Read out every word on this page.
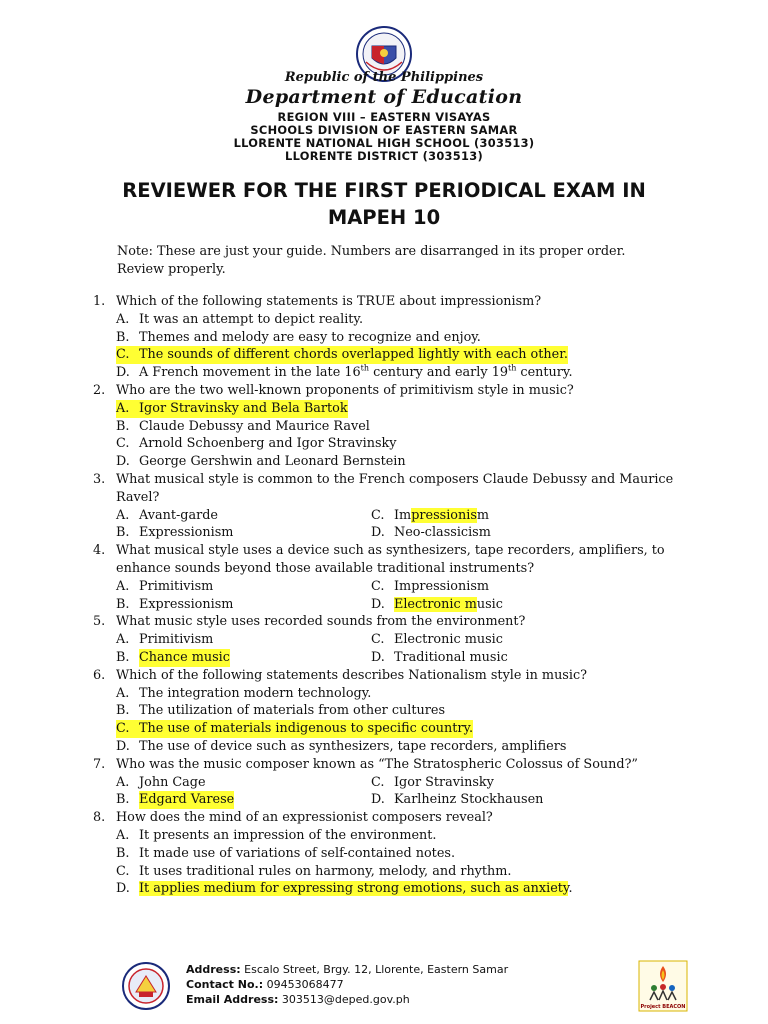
Republic of the Philippines
Department of Education
REGION VIII – EASTERN VISAYAS
SCHOOLS DIVISION OF EASTERN SAMAR
LLORENTE NATIONAL HIGH SCHOOL (303513)
LLORENTE DISTRICT (303513)
REVIEWER FOR THE FIRST PERIODICAL EXAM IN
MAPEH 10
Note: These are just your guide. Numbers are disarranged in its proper order. Review properly.
1. Which of the following statements is TRUE about impressionism?
A. It was an attempt to depict reality.
B. Themes and melody are easy to recognize and enjoy.
C. The sounds of different chords overlapped lightly with each other.
D. A French movement in the late 16th century and early 19th century.
2. Who are the two well-known proponents of primitivism style in music?
A. Igor Stravinsky and Bela Bartok
B. Claude Debussy and Maurice Ravel
C. Arnold Schoenberg and Igor Stravinsky
D. George Gershwin and Leonard Bernstein
3. What musical style is common to the French composers Claude Debussy and Maurice Ravel?
A. Avant-garde	C. Impressionism
B. Expressionism	D. Neo-classicism
4. What musical style uses a device such as synthesizers, tape recorders, amplifiers, to enhance sounds beyond those available traditional instruments?
A. Primitivism	C. Impressionism
B. Expressionism	D. Electronic music
5. What music style uses recorded sounds from the environment?
A. Primitivism	C. Electronic music
B. Chance music	D. Traditional music
6. Which of the following statements describes Nationalism style in music?
A. The integration modern technology.
B. The utilization of materials from other cultures
C. The use of materials indigenous to specific country.
D. The use of device such as synthesizers, tape recorders, amplifiers
7. Who was the music composer known as “The Stratospheric Colossus of Sound?”
A. John Cage	C. Igor Stravinsky
B. Edgard Varese	D. Karlheinz Stockhausen
8. How does the mind of an expressionist composers reveal?
A. It presents an impression of the environment.
B. It made use of variations of self-contained notes.
C. It uses traditional rules on harmony, melody, and rhythm.
D. It applies medium for expressing strong emotions, such as anxiety.
Address: Escalo Street, Brgy. 12, Llorente, Eastern Samar
Contact No.: 09453068477
Email Address: 303513@deped.gov.ph
Project BEACON
